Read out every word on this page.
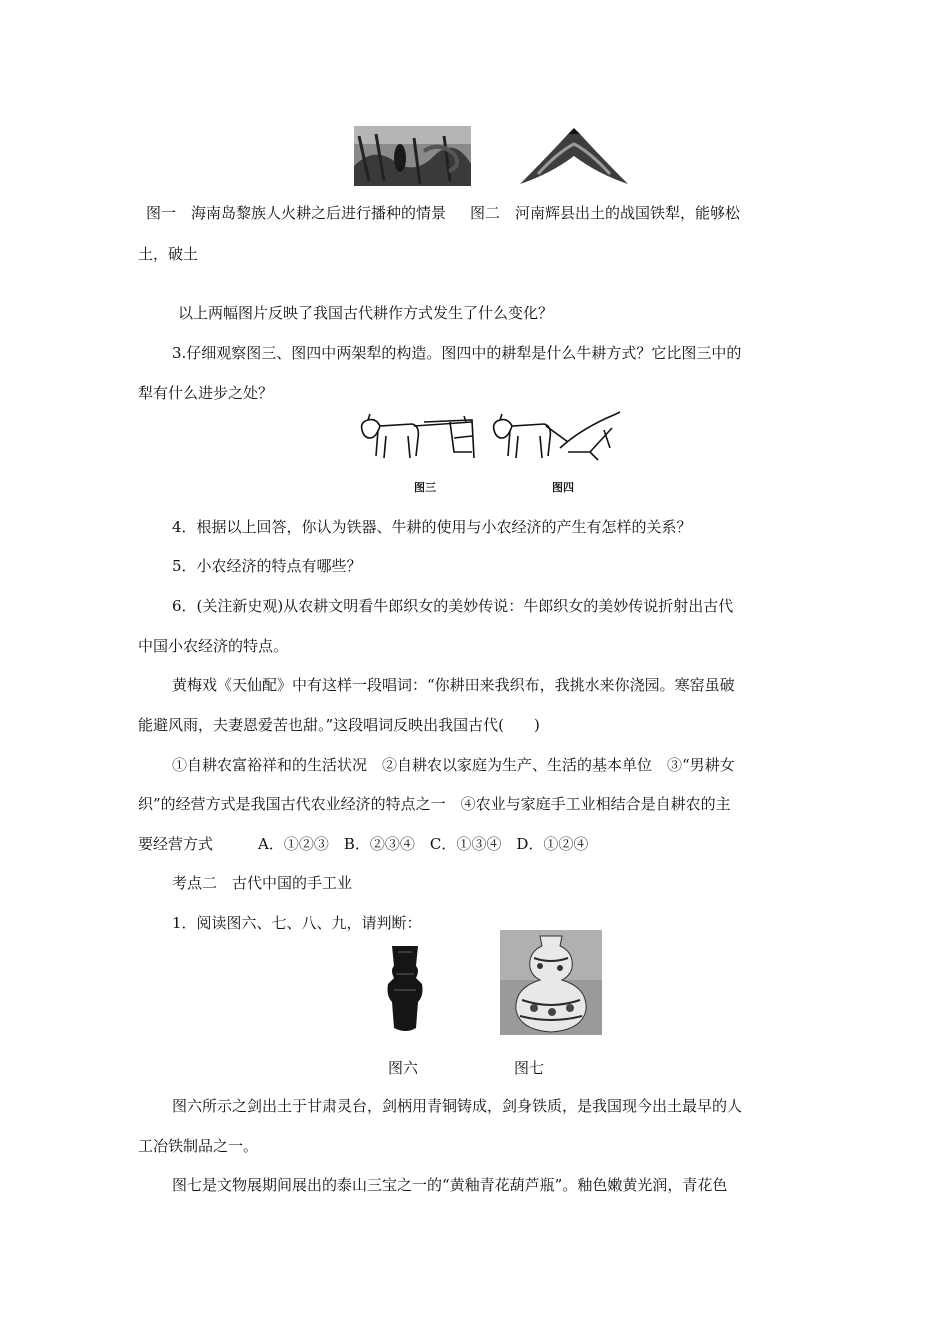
图一　海南岛黎族人火耕之后进行播种的情景 图二　河南辉县出土的战国铁犁，能够松
土，破土
以上两幅图片反映了我国古代耕作方式发生了什么变化？
3.仔细观察图三、图四中两架犁的构造。图四中的耕犁是什么牛耕方式？它比图三中的
犁有什么进步之处？
图三	图四
4．根据以上回答，你认为铁器、牛耕的使用与小农经济的产生有怎样的关系？
5．小农经济的特点有哪些？
6．(关注新史观)从农耕文明看牛郎织女的美妙传说：牛郎织女的美妙传说折射出古代
中国小农经济的特点。
黄梅戏《天仙配》中有这样一段唱词：“你耕田来我织布，我挑水来你浇园。寒窑虽破
能避风雨，夫妻恩爱苦也甜。”这段唱词反映出我国古代(　　)
①自耕农富裕祥和的生活状况　②自耕农以家庭为生产、生活的基本单位　③“男耕女
织”的经营方式是我国古代农业经济的特点之一　④农业与家庭手工业相结合是自耕农的主
要经营方式　　　A．①②③　B．②③④　C．①③④　D．①②④
考点二　古代中国的手工业
1．阅读图六、七、八、九，请判断：
图六	图七
图六所示之剑出土于甘肃灵台，剑柄用青铜铸成，剑身铁质，是我国现今出土最早的人
工冶铁制品之一。
图七是文物展期间展出的泰山三宝之一的“黄釉青花葫芦瓶”。釉色嫩黄光润，青花色
